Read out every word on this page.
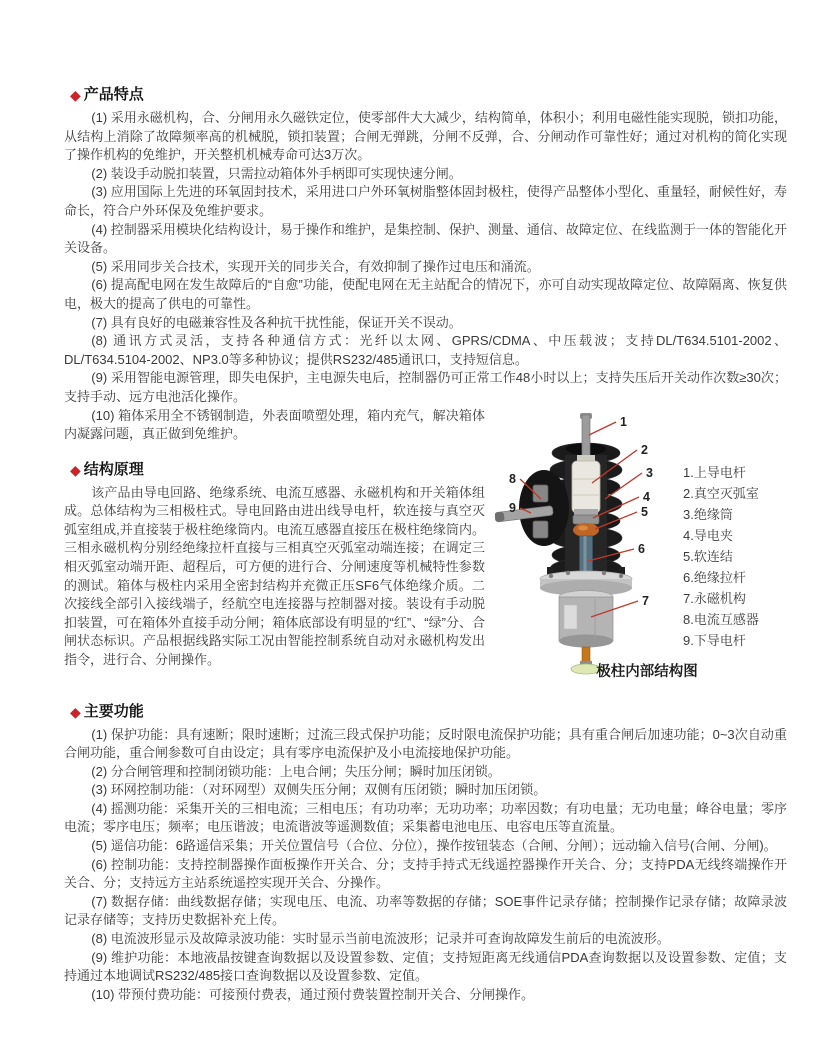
◆ 产品特点

(1) 采用永磁机构，合、分闸用永久磁铁定位，使零部件大大减少，结构简单，体积小；利用电磁性能实现脱，锁扣功能，从结构上消除了故障频率高的机械脱，锁扣装置；合闸无弹跳，分闸不反弹，合、分闸动作可靠性好；通过对机构的简化实现了操作机构的免维护，开关整机机械寿命可达3万次。

(2) 装设手动脱扣装置，只需拉动箱体外手柄即可实现快速分闸。

(3) 应用国际上先进的环氧固封技术，采用进口户外环氧树脂整体固封极柱，使得产品整体小型化、重量轻，耐候性好，寿命长，符合户外环保及免维护要求。

(4) 控制器采用模块化结构设计，易于操作和维护，是集控制、保护、测量、通信、故障定位、在线监测于一体的智能化开关设备。

(5) 采用同步关合技术，实现开关的同步关合，有效抑制了操作过电压和涌流。

(6) 提高配电网在发生故障后的“自愈”功能，使配电网在无主站配合的情况下，亦可自动实现故障定位、故障隔离、恢复供电，极大的提高了供电的可靠性。

(7) 具有良好的电磁兼容性及各种抗干扰性能，保证开关不误动。

(8) 通讯方式灵活，支持各种通信方式：光纤以太网、GPRS/CDMA、中压载波；支持DL/T634.5101-2002、DL/T634.5104-2002、NP3.0等多种协议；提供RS232/485通讯口，支持短信息。

(9) 采用智能电源管理，即失电保护，主电源失电后，控制器仍可正常工作48小时以上；支持失压后开关动作次数≥30次；支持手动、远方电池活化操作。

1
2
3
4
5
6
7
8
9
1.上导电杆
2.真空灭弧室
3.绝缘筒
4.导电夹
5.软连结
6.绝缘拉杆
7.永磁机构
8.电流互感器
9.下导电杆
极柱内部结构图

(10) 箱体采用全不锈钢制造，外表面喷塑处理，箱内充气，解决箱体内凝露问题，真正做到免维护。

◆ 结构原理

该产品由导电回路、绝缘系统、电流互感器、永磁机构和开关箱体组成。总体结构为三相极柱式。导电回路由进出线导电杆，软连接与真空灭弧室组成,并直接装于极柱绝缘筒内。电流互感器直接压在极柱绝缘筒内。三相永磁机构分别经绝缘拉杆直接与三相真空灭弧室动端连接；在调定三相灭弧室动端开距、超程后，可方便的进行合、分闸速度等机械特性参数的测试。箱体与极柱内采用全密封结构并充微正压SF6气体绝缘介质。二次接线全部引入接线端子，经航空电连接器与控制器对接。装设有手动脱扣装置，可在箱体外直接手动分闸；箱体底部设有明显的“红”、“绿”分、合闸状态标识。产品根据线路实际工况由智能控制系统自动对永磁机构发出指令，进行合、分闸操作。

◆ 主要功能

(1) 保护功能：具有速断；限时速断；过流三段式保护功能；反时限电流保护功能；具有重合闸后加速功能；0~3次自动重合闸功能，重合闸参数可自由设定；具有零序电流保护及小电流接地保护功能。

(2) 分合闸管理和控制闭锁功能：上电合闸；失压分闸；瞬时加压闭锁。

(3) 环网控制功能：（对环网型）双侧失压分闸；双侧有压闭锁；瞬时加压闭锁。

(4) 摇测功能：采集开关的三相电流；三相电压；有功功率；无功功率；功率因数；有功电量；无功电量；峰谷电量；零序电流；零序电压；频率；电压谐波；电流谐波等遥测数值；采集蓄电池电压、电容电压等直流量。

(5) 遥信功能：6路遥信采集；开关位置信号（合位、分位），操作按钮装态（合闸、分闸）；远动输入信号(合闸、分闸)。

(6) 控制功能：支持控制器操作面板操作开关合、分；支持手持式无线遥控器操作开关合、分；支持PDA无线终端操作开关合、分；支持远方主站系统遥控实现开关合、分操作。

(7) 数据存储：曲线数据存储；实现电压、电流、功率等数据的存储；SOE事件记录存储；控制操作记录存储；故障录波记录存储等；支持历史数据补充上传。

(8) 电流波形显示及故障录波功能：实时显示当前电流波形；记录并可查询故障发生前后的电流波形。

(9) 维护功能：本地液晶按键查询数据以及设置参数、定值；支持短距离无线通信PDA查询数据以及设置参数、定值；支持通过本地调试RS232/485接口查询数据以及设置参数、定值。

(10) 带预付费功能：可接预付费表，通过预付费装置控制开关合、分闸操作。
